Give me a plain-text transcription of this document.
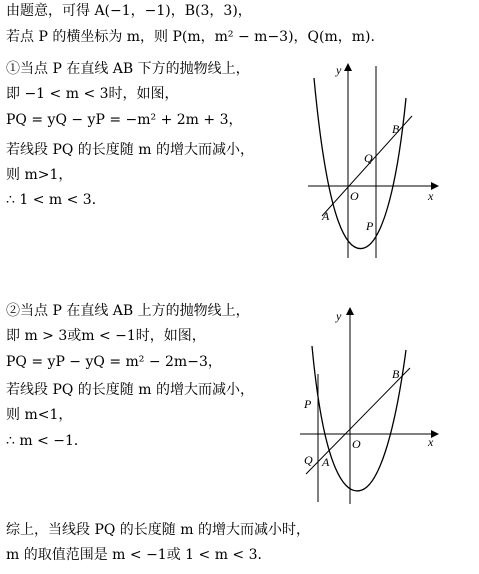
由题意，可得 A(−1，−1)，B(3，3)，
若点 P 的横坐标为 m，则 P(m，m² − m−3)，Q(m，m).
①当点 P 在直线 AB 下方的抛物线上，
即 −1 < m < 3时，如图，
PQ = yQ − yP = −m² + 2m + 3，
若线段 PQ 的长度随 m 的增大而减小，
则 m>1，
∴ 1 < m < 3．
②当点 P 在直线 AB 上方的抛物线上，
即 m > 3或m < −1时，如图，
PQ = yP − yQ = m² − 2m−3，
若线段 PQ 的长度随 m 的增大而减小，
则 m<1，
∴ m < −1．
综上，当线段 PQ 的长度随 m 的增大而减小时，
m 的取值范围是 m < −1或 1 < m < 3．
y
x
O
A
B
P
Q
y
x
O
A
B
P
Q
